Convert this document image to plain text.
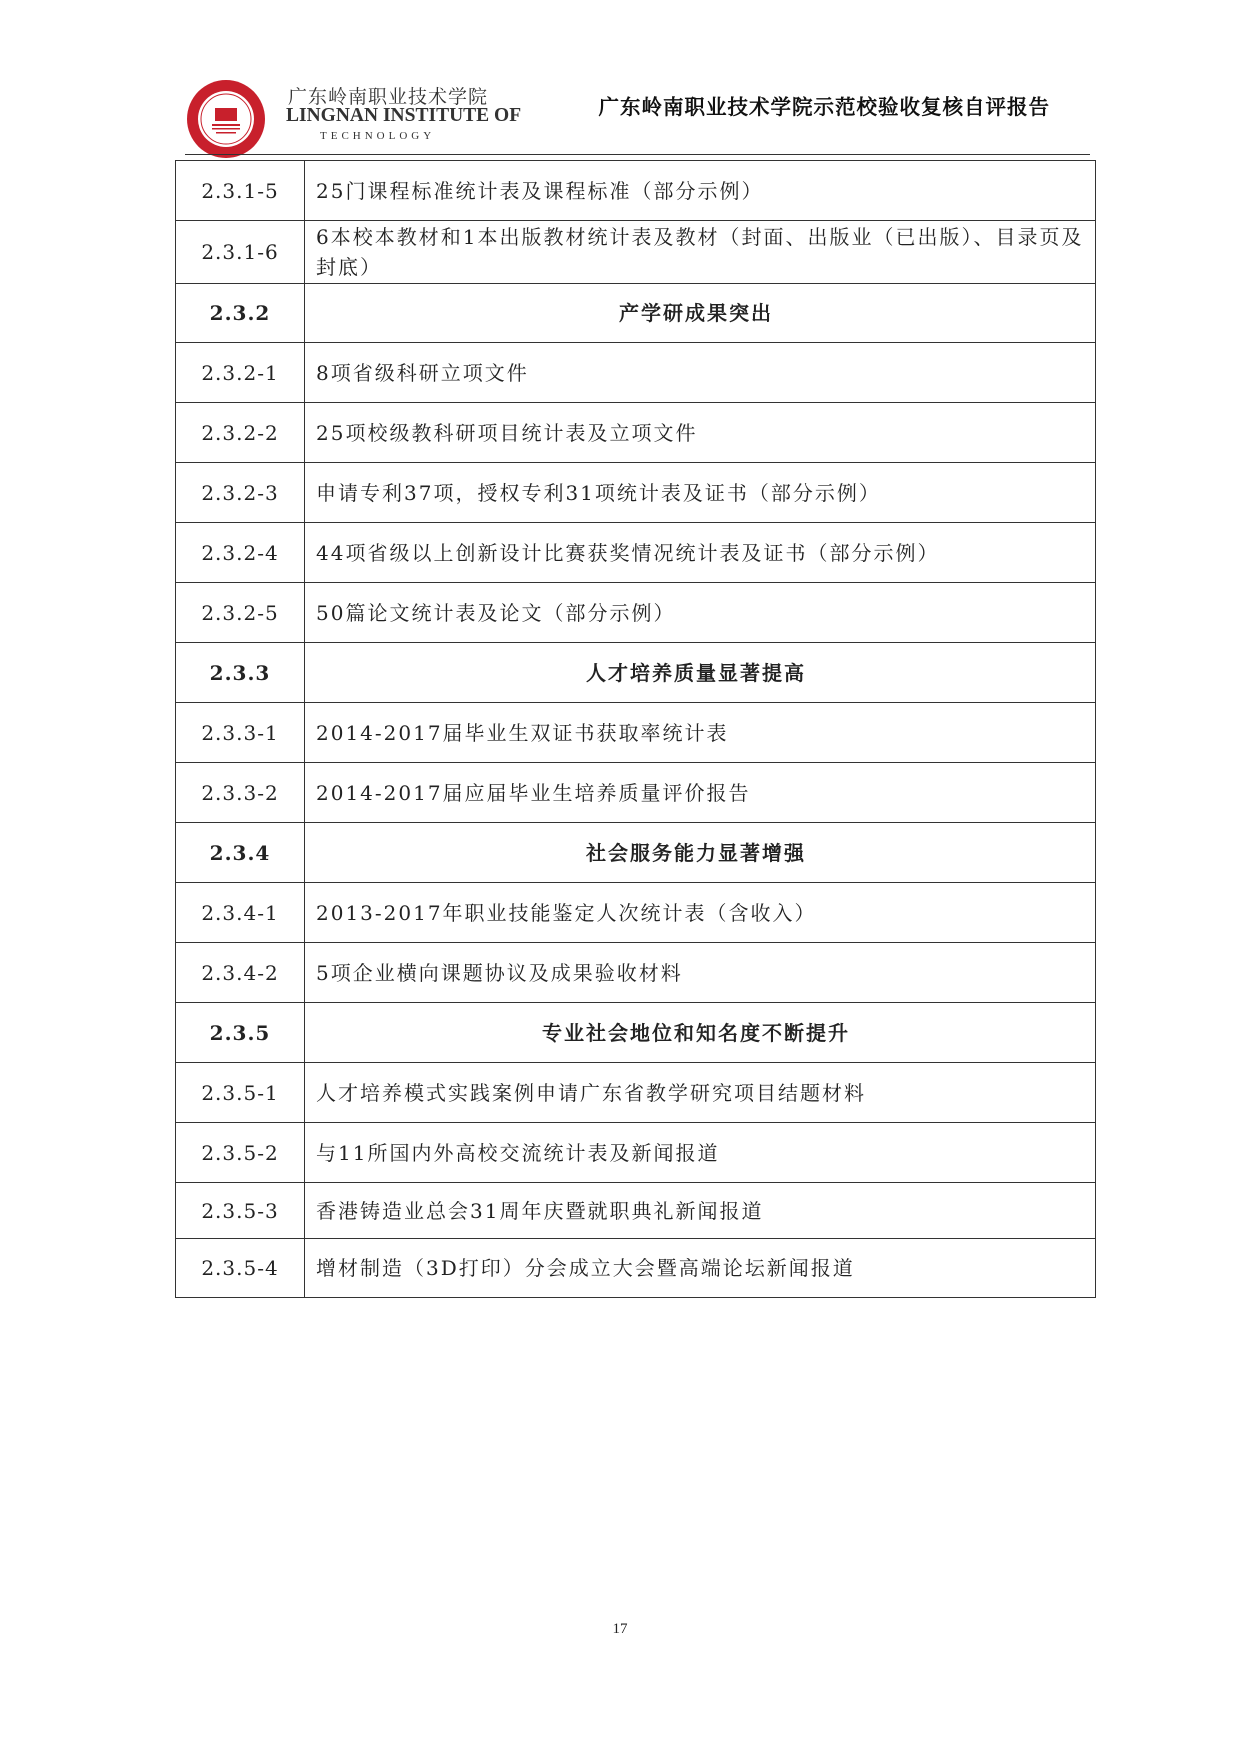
广东岭南职业技术学院
LINGNAN INSTITUTE OF
TECHNOLOGY
广东岭南职业技术学院示范校验收复核自评报告
2.3.1-5	25门课程标准统计表及课程标准（部分示例）
2.3.1-6	6本校本教材和1本出版教材统计表及教材（封面、出版业（已出版）、目录页及封底）
2.3.2	产学研成果突出
2.3.2-1	8项省级科研立项文件
2.3.2-2	25项校级教科研项目统计表及立项文件
2.3.2-3	申请专利37项，授权专利31项统计表及证书（部分示例）
2.3.2-4	44项省级以上创新设计比赛获奖情况统计表及证书（部分示例）
2.3.2-5	50篇论文统计表及论文（部分示例）
2.3.3	人才培养质量显著提高
2.3.3-1	2014-2017届毕业生双证书获取率统计表
2.3.3-2	2014-2017届应届毕业生培养质量评价报告
2.3.4	社会服务能力显著增强
2.3.4-1	2013-2017年职业技能鉴定人次统计表（含收入）
2.3.4-2	5项企业横向课题协议及成果验收材料
2.3.5	专业社会地位和知名度不断提升
2.3.5-1	人才培养模式实践案例申请广东省教学研究项目结题材料
2.3.5-2	与11所国内外高校交流统计表及新闻报道
2.3.5-3	香港铸造业总会31周年庆暨就职典礼新闻报道
2.3.5-4	增材制造（3D打印）分会成立大会暨高端论坛新闻报道
17
